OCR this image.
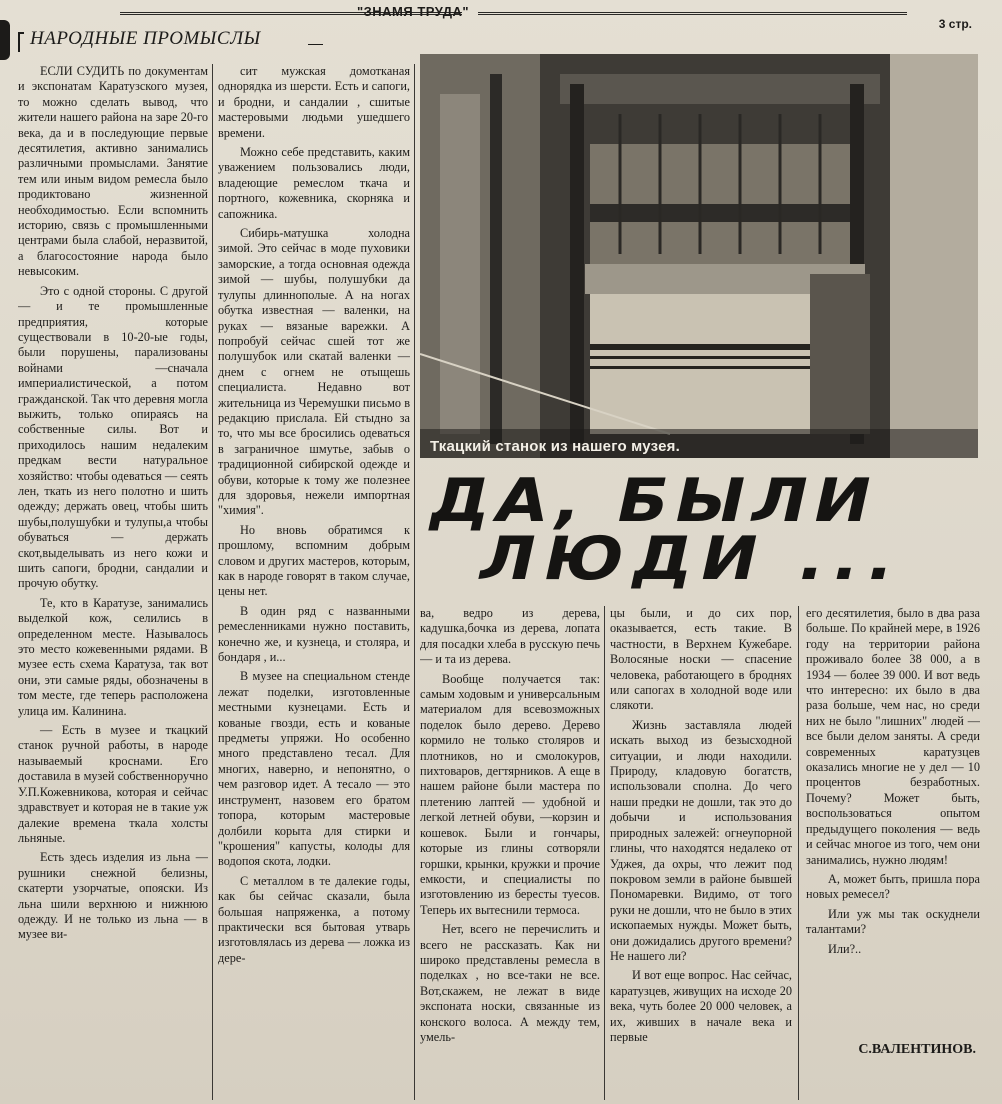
"ЗНАМЯ ТРУДА"
3 стр.
НАРОДНЫЕ ПРОМЫСЛЫ

ЕСЛИ СУДИТЬ по документам и экспонатам Каратузского музея, то можно сделать вывод, что жители нашего района на заре 20-го века, да и в последующие первые десятилетия, активно занимались различными промыслами. Занятие тем или иным видом ремесла было продиктовано жизненной необходимостью. Если вспомнить историю, связь с промышленными центрами была слабой, неразвитой, а благосостояние народа было невысоким.

Это с одной стороны. С другой — и те промышленные предприятия, которые существовали в 10-20-ые годы, были порушены, парализованы войнами —сначала империалистической, а потом гражданской. Так что деревня могла выжить, только опираясь на собственные силы. Вот и приходилось нашим недалеким предкам вести натуральное хозяйство: чтобы одеваться — сеять лен, ткать из него полотно и шить одежду; держать овец, чтобы шить шубы,полушубки и тулупы,а чтобы обуваться — держать скот,выделывать из него кожи и шить сапоги, бродни, сандалии и прочую обутку.

Те, кто в Каратузе, занимались выделкой кож, селились в определенном месте. Называлось это место кожевенными рядами. В музее есть схема Каратуза, так вот они, эти самые ряды, обозначены в том месте, где теперь расположена улица им. Калинина.

— Есть в музее и ткацкий станок ручной работы, в народе называемый кроснами. Его доставила в музей собственноручно У.П.Кожевникова, которая и сейчас здравствует и которая не в такие уж далекие времена ткала холсты льняные.

Есть здесь изделия из льна — рушники снежной белизны, скатерти узорчатые, опояски. Из льна шили верхнюю и нижнюю одежду. И не только из льна — в музее ви-

сит мужская домотканая однорядка из шерсти. Есть и сапоги, и бродни, и сандалии , сшитые мастеровыми людьми ушедшего времени.

Можно себе представить, каким уважением пользовались люди, владеющие ремеслом ткача и портного, кожевника, скорняка и сапожника.

Сибирь-матушка холодна зимой. Это сейчас в моде пуховики заморские, а тогда основная одежда зимой — шубы, полушубки да тулупы длиннополые. А на ногах обутка известная — валенки, на руках — вязаные варежки. А попробуй сейчас сшей тот же полушубок или скатай валенки — днем с огнем не отыщешь специалиста. Недавно вот жительница из Черемушки письмо в редакцию прислала. Ей стыдно за то, что мы все бросились одеваться в заграничное шмутье, забыв о традиционной сибирской одежде и обуви, которые к тому же полезнее для здоровья, нежели импортная "химия".

Но вновь обратимся к прошлому, вспомним добрым словом и других мастеров, которым, как в народе говорят в таком случае, цены нет.

В один ряд с названными ремесленниками нужно поставить, конечно же, и кузнеца, и столяра, и бондаря , и...

В музее на специальном стенде лежат поделки, изготовленные местными кузнецами. Есть и кованые гвозди, есть и кованые предметы упряжи. Но особенно много представлено тесал. Для многих, наверно, и непонятно, о чем разговор идет. А тесало — это инструмент, назовем его братом топора, которым мастеровые долбили корыта для стирки и "крошения" капусты, колоды для водопоя скота, лодки.

С металлом в те далекие годы, как бы сейчас сказали, была большая напряженка, а потому практически вся бытовая утварь изготовлялась из дерева — ложка из дере-

Ткацкий станок из нашего музея.
ДА, БЫЛИ
ЛЮДИ ...

ва, ведро из дерева, кадушка,бочка из дерева, лопата для посадки хлеба в русскую печь — и та из дерева.

Вообще получается так: самым ходовым и универсальным материалом для всевозможных поделок было дерево. Дерево кормило не только столяров и плотников, но и смолокуров, пихтоваров, дегтярников. А еще в нашем районе были мастера по плетению лаптей — удобной и легкой летней обуви, —корзин и кошевок. Были и гончары, которые из глины сотворяли горшки, крынки, кружки и прочие емкости, и специалисты по изготовлению из бересты туесов. Теперь их вытеснили термоса.

Нет, всего не перечислить и всего не рассказать. Как ни широко представлены ремесла в поделках , но все-таки не все. Вот,скажем, не лежат в виде экспоната носки, связанные из конского волоса. А между тем, умель-

цы были, и до сих пор, оказывается, есть такие. В частности, в Верхнем Кужебаре. Волосяные носки — спасение человека, работающего в броднях или сапогах в холодной воде или слякоти.

Жизнь заставляла людей искать выход из безысходной ситуации, и люди находили. Природу, кладовую богатств, использовали сполна. До чего наши предки не дошли, так это до добычи и использования природных залежей: огнеупорной глины, что находятся недалеко от Уджея, да охры, что лежит под покровом земли в районе бывшей Пономаревки. Видимо, от того руки не дошли, что не было в этих ископаемых нужды. Может быть, они дожидались другого времени? Не нашего ли?

И вот еще вопрос. Нас сейчас, каратузцев, живущих на исходе 20 века, чуть более 20 000 человек, а их, живших в начале века и первые

его десятилетия, было в два раза больше. По крайней мере, в 1926 году на территории района проживало более 38 000, а в 1934 — более 39 000. И вот ведь что интересно: их было в два раза больше, чем нас, но среди них не было "лишних" людей — все были делом заняты. А среди современных каратузцев оказались многие не у дел — 10 процентов безработных. Почему? Может быть, воспользоваться опытом предыдущего поколения — ведь и сейчас многое из того, чем они занимались, нужно людям!

А, может быть, пришла пора новых ремесел?

Или уж мы так оскуднели талантами?

Или?..

С.ВАЛЕНТИНОВ.
